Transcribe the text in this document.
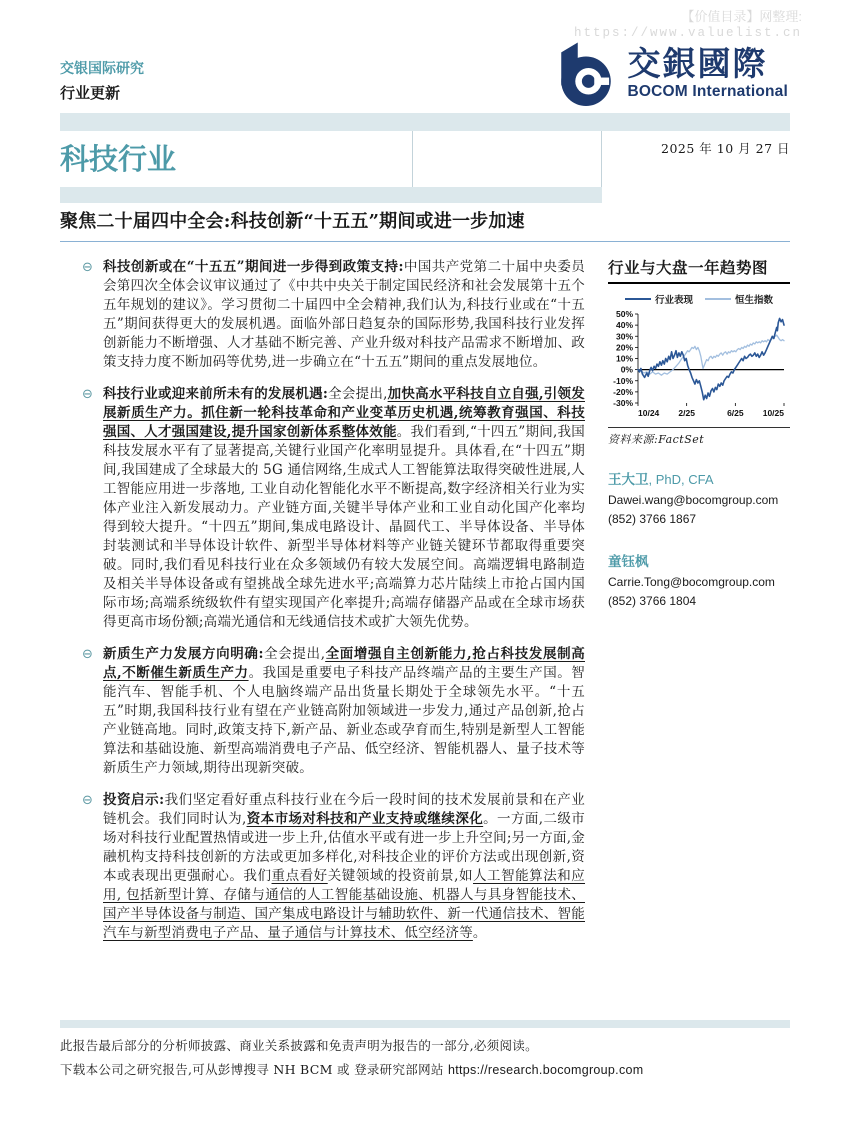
【价值目录】网整理:
https://www.valuelist.cn
交银国际研究
行业更新
交銀國際
BOCOM International
科技行业	2025 年 10 月 27 日
聚焦二十届四中全会:科技创新“十五五”期间或进一步加速
⊖ 科技创新或在“十五五”期间进一步得到政策支持:中国共产党第二十届中央委员会第四次全体会议审议通过了《中共中央关于制定国民经济和社会发展第十五个五年规划的建议》。学习贯彻二十届四中全会精神,我们认为,科技行业或在“十五五”期间获得更大的发展机遇。面临外部日趋复杂的国际形势,我国科技行业发挥创新能力不断增强、人才基础不断完善、产业升级对科技产品需求不断增加、政策支持力度不断加码等优势,进一步确立在“十五五”期间的重点发展地位。

⊖ 科技行业或迎来前所未有的发展机遇:全会提出,加快高水平科技自立自强,引领发展新质生产力。抓住新一轮科技革命和产业变革历史机遇,统筹教育强国、科技强国、人才强国建设,提升国家创新体系整体效能。我们看到,“十四五”期间,我国科技发展水平有了显著提高,关键行业国产化率明显提升。具体看,在“十四五”期间,我国建成了全球最大的 5G 通信网络,生成式人工智能算法取得突破性进展,人工智能应用进一步落地, 工业自动化智能化水平不断提高,数字经济相关行业为实体产业注入新发展动力。产业链方面,关键半导体产业和工业自动化国产化率均得到较大提升。“十四五”期间,集成电路设计、晶圆代工、半导体设备、半导体封装测试和半导体设计软件、新型半导体材料等产业链关键环节都取得重要突破。同时,我们看见科技行业在众多领域仍有较大发展空间。高端逻辑电路制造及相关半导体设备或有望挑战全球先进水平;高端算力芯片陆续上市抢占国内国际市场;高端系统级软件有望实现国产化率提升;高端存储器产品或在全球市场获得更高市场份额;高端光通信和无线通信技术或扩大领先优势。

⊖ 新质生产力发展方向明确:全会提出,全面增强自主创新能力,抢占科技发展制高点,不断催生新质生产力。我国是重要电子科技产品终端产品的主要生产国。智能汽车、智能手机、个人电脑终端产品出货量长期处于全球领先水平。“十五五”时期,我国科技行业有望在产业链高附加领域进一步发力,通过产品创新,抢占产业链高地。同时,政策支持下,新产品、新业态或孕育而生,特别是新型人工智能算法和基础设施、新型高端消费电子产品、低空经济、智能机器人、量子技术等新质生产力领域,期待出现新突破。

⊖ 投资启示:我们坚定看好重点科技行业在今后一段时间的技术发展前景和在产业链机会。我们同时认为,资本市场对科技和产业支持或继续深化。一方面,二级市场对科技行业配置热情或进一步上升,估值水平或有进一步上升空间;另一方面,金融机构支持科技创新的方法或更加多样化,对科技企业的评价方法或出现创新,资本或表现出更强耐心。我们重点看好关键领域的投资前景,如人工智能算法和应用, 包括新型计算、存储与通信的人工智能基础设施、机器人与具身智能技术、国产半导体设备与制造、国产集成电路设计与辅助软件、新一代通信技术、智能汽车与新型消费电子产品、量子通信与计算技术、低空经济等。

行业与大盘一年趋势图
行业表现	恒生指数
50%
40%
30%
20%
10%
0%
-10%
-20%
-30%
10/24 2/25	6/25 10/25
资料来源:FactSet
王大卫, PhD, CFA
Dawei.wang@bocomgroup.com
(852) 3766 1867
童钰枫
Carrie.Tong@bocomgroup.com
(852) 3766 1804
此报告最后部分的分析师披露、商业关系披露和免责声明为报告的一部分,必须阅读。
下载本公司之研究报告,可从彭博搜寻 NH BCM 或 登录研究部网站 https://research.bocomgroup.com
